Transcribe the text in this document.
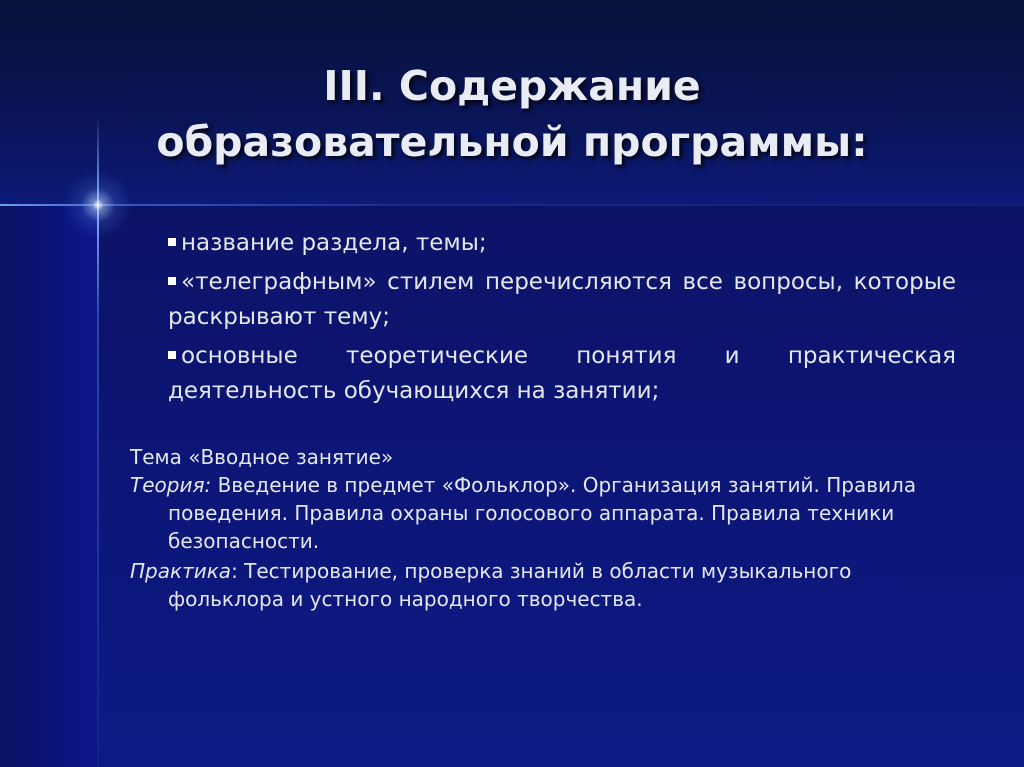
III. Содержание
образовательной программы:
название раздела, темы;
«телеграфным» стилем перечисляются все вопросы, которые раскрывают тему;
основные теоретические понятия и практическая деятельность обучающихся на занятии;

Тема «Вводное занятие»

Теория: Введение в предмет «Фольклор». Организация занятий. Правила поведения. Правила охраны голосового аппарата. Правила техники безопасности.

Практика: Тестирование, проверка знаний в области музыкального фольклора и устного народного творчества.
